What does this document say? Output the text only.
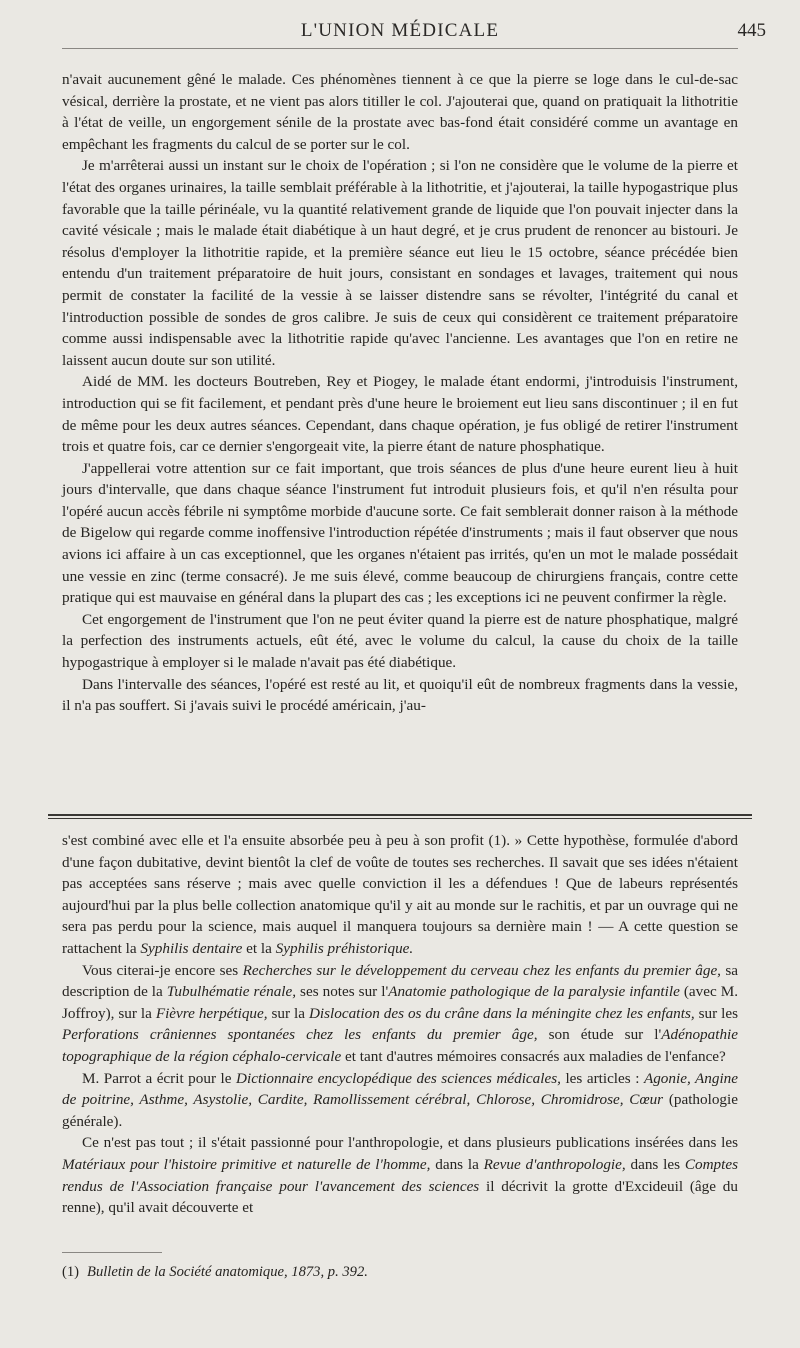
L'UNION MÉDICALE	445

n'avait aucunement gêné le malade. Ces phénomènes tiennent à ce que la pierre se loge dans le cul-de-sac vésical, derrière la prostate, et ne vient pas alors titiller le col. J'ajouterai que, quand on pratiquait la lithotritie à l'état de veille, un engorgement sénile de la prostate avec bas-fond était considéré comme un avantage en empêchant les fragments du calcul de se porter sur le col.

Je m'arrêterai aussi un instant sur le choix de l'opération ; si l'on ne considère que le volume de la pierre et l'état des organes urinaires, la taille semblait préférable à la lithotritie, et j'ajouterai, la taille hypogastrique plus favorable que la taille périnéale, vu la quantité relativement grande de liquide que l'on pouvait injecter dans la cavité vésicale ; mais le malade était diabétique à un haut degré, et je crus prudent de renoncer au bistouri. Je résolus d'employer la lithotritie rapide, et la première séance eut lieu le 15 octobre, séance précédée bien entendu d'un traitement préparatoire de huit jours, consistant en sondages et lavages, traitement qui nous permit de constater la facilité de la vessie à se laisser distendre sans se révolter, l'intégrité du canal et l'introduction possible de sondes de gros calibre. Je suis de ceux qui considèrent ce traitement préparatoire comme aussi indispensable avec la lithotritie rapide qu'avec l'ancienne. Les avantages que l'on en retire ne laissent aucun doute sur son utilité.

Aidé de MM. les docteurs Boutreben, Rey et Piogey, le malade étant endormi, j'introduisis l'instrument, introduction qui se fit facilement, et pendant près d'une heure le broiement eut lieu sans discontinuer ; il en fut de même pour les deux autres séances. Cependant, dans chaque opération, je fus obligé de retirer l'instrument trois et quatre fois, car ce dernier s'engorgeait vite, la pierre étant de nature phosphatique.

J'appellerai votre attention sur ce fait important, que trois séances de plus d'une heure eurent lieu à huit jours d'intervalle, que dans chaque séance l'instrument fut introduit plusieurs fois, et qu'il n'en résulta pour l'opéré aucun accès fébrile ni symptôme morbide d'aucune sorte. Ce fait semblerait donner raison à la méthode de Bigelow qui regarde comme inoffensive l'introduction répétée d'instruments ; mais il faut observer que nous avions ici affaire à un cas exceptionnel, que les organes n'étaient pas irrités, qu'en un mot le malade possédait une vessie en zinc (terme consacré). Je me suis élevé, comme beaucoup de chirurgiens français, contre cette pratique qui est mauvaise en général dans la plupart des cas ; les exceptions ici ne peuvent confirmer la règle.

Cet engorgement de l'instrument que l'on ne peut éviter quand la pierre est de nature phosphatique, malgré la perfection des instruments actuels, eût été, avec le volume du calcul, la cause du choix de la taille hypogastrique à employer si le malade n'avait pas été diabétique.

Dans l'intervalle des séances, l'opéré est resté au lit, et quoiqu'il eût de nombreux fragments dans la vessie, il n'a pas souffert. Si j'avais suivi le procédé américain, j'au-

s'est combiné avec elle et l'a ensuite absorbée peu à peu à son profit (1). » Cette hypothèse, formulée d'abord d'une façon dubitative, devint bientôt la clef de voûte de toutes ses recherches. Il savait que ses idées n'étaient pas acceptées sans réserve ; mais avec quelle conviction il les a défendues ! Que de labeurs représentés aujourd'hui par la plus belle collection anatomique qu'il y ait au monde sur le rachitis, et par un ouvrage qui ne sera pas perdu pour la science, mais auquel il manquera toujours sa dernière main ! — A cette question se rattachent la Syphilis dentaire et la Syphilis préhistorique.

Vous citerai-je encore ses Recherches sur le développement du cerveau chez les enfants du premier âge, sa description de la Tubulhématie rénale, ses notes sur l'Anatomie pathologique de la paralysie infantile (avec M. Joffroy), sur la Fièvre herpétique, sur la Dislocation des os du crâne dans la méningite chez les enfants, sur les Perforations crâniennes spontanées chez les enfants du premier âge, son étude sur l'Adénopathie topographique de la région céphalo-cervicale et tant d'autres mémoires consacrés aux maladies de l'enfance?

M. Parrot a écrit pour le Dictionnaire encyclopédique des sciences médicales, les articles : Agonie, Angine de poitrine, Asthme, Asystolie, Cardite, Ramollissement cérébral, Chlorose, Chromidrose, Cœur (pathologie générale).

Ce n'est pas tout ; il s'était passionné pour l'anthropologie, et dans plusieurs publications insérées dans les Matériaux pour l'histoire primitive et naturelle de l'homme, dans la Revue d'anthropologie, dans les Comptes rendus de l'Association française pour l'avancement des sciences il décrivit la grotte d'Excideuil (âge du renne), qu'il avait découverte et

(1) Bulletin de la Société anatomique, 1873, p. 392.
